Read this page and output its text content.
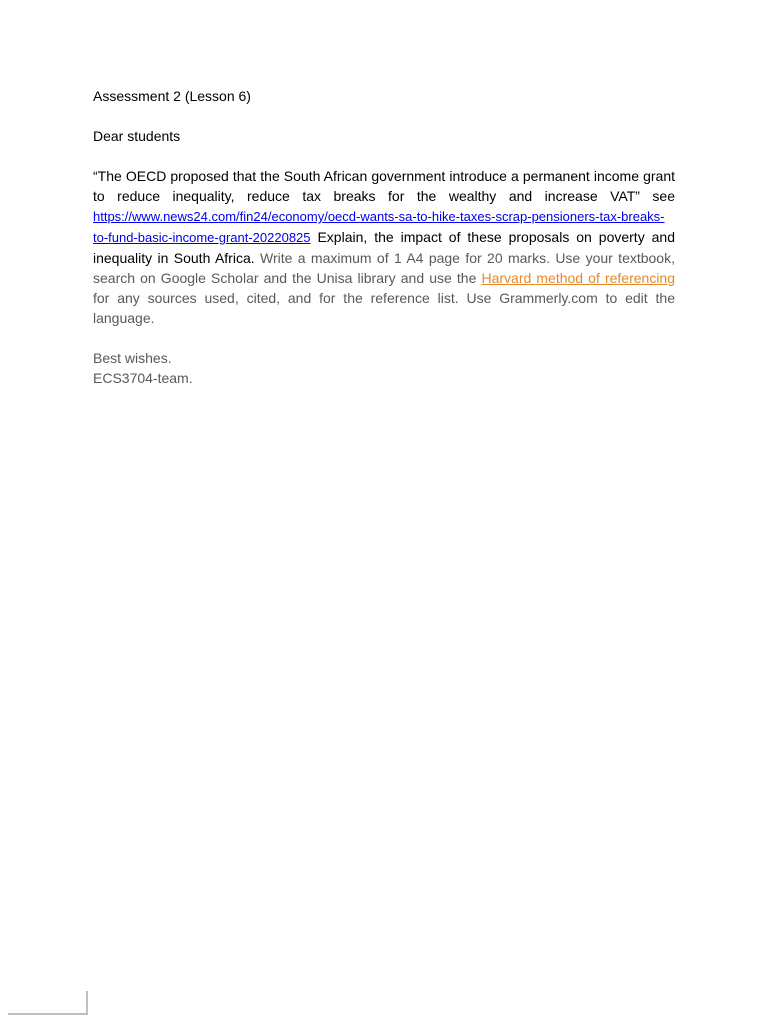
Assessment 2 (Lesson 6)

Dear students

“The OECD proposed that the South African government introduce a permanent income grant to reduce inequality, reduce tax breaks for the wealthy and increase VAT” see https://www.news24.com/fin24/economy/oecd-wants-sa-to-hike-taxes-scrap-pensioners-tax-breaks-to-fund-basic-income-grant-20220825 Explain, the impact of these proposals on poverty and inequality in South Africa. Write a maximum of 1 A4 page for 20 marks. Use your textbook, search on Google Scholar and the Unisa library and use the Harvard method of referencing for any sources used, cited, and for the reference list. Use Grammerly.com to edit the language.

Best wishes.

ECS3704-team.
